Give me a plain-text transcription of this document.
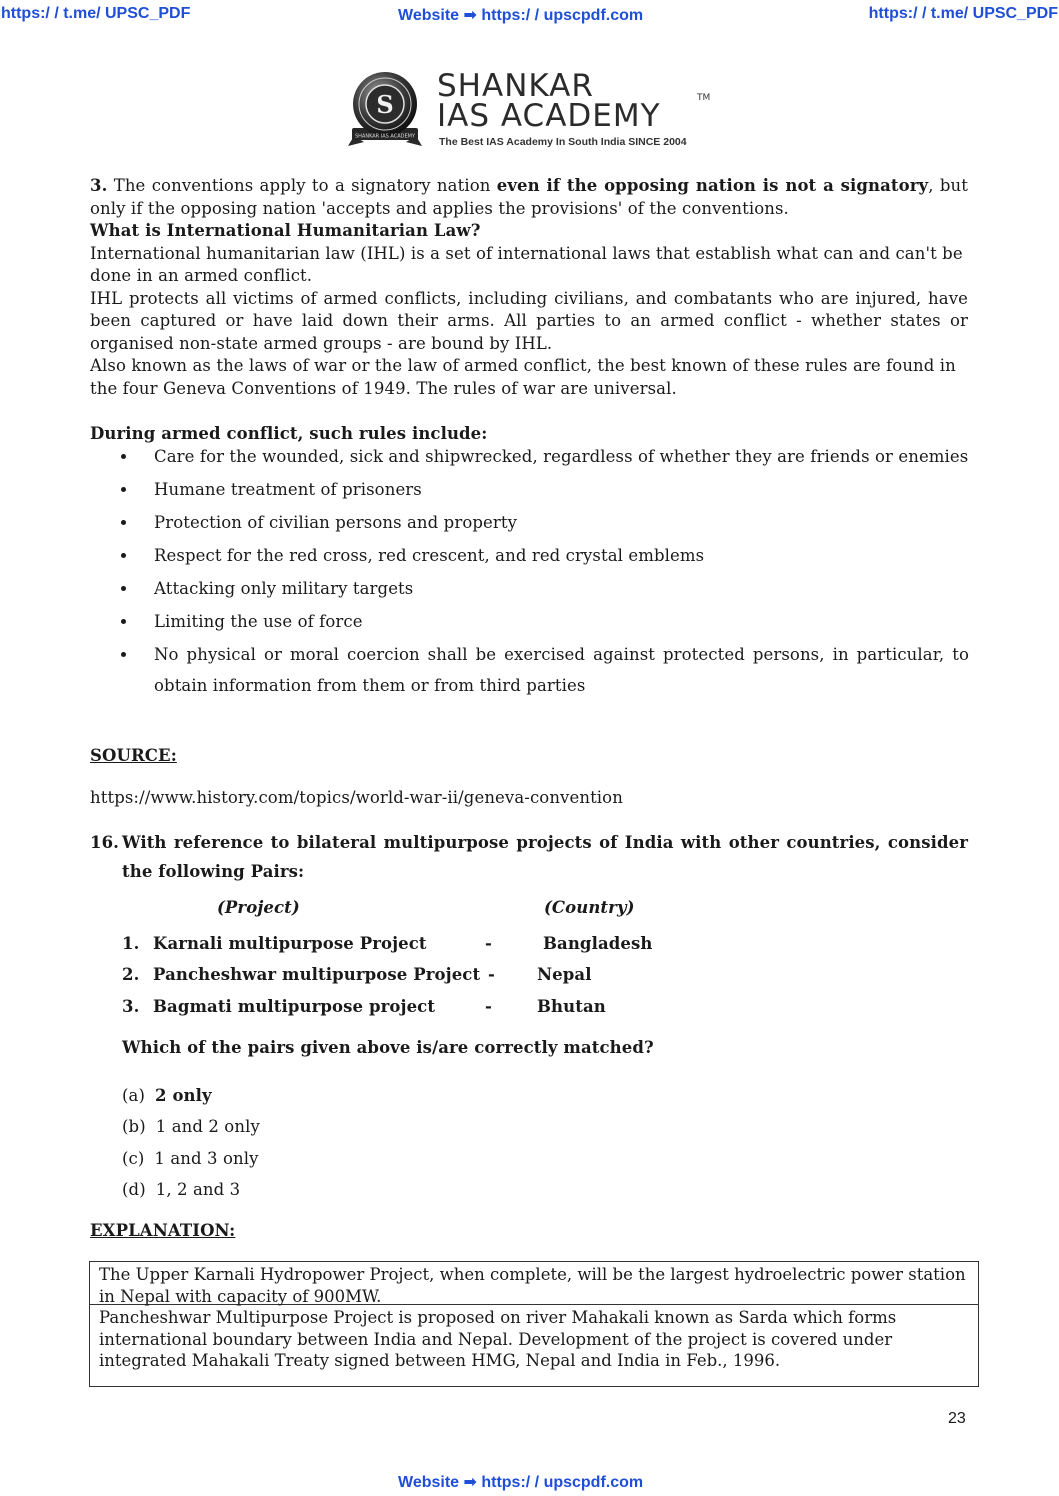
https:/ / t.me/ UPSC_PDF	Website ➡ https:/ / upscpdf.com	https:/ / t.me/ UPSC_PDF
S
SHANKAR IAS ACADEMY
SHANKAR
IAS ACADEMY	TM
The Best IAS Academy In South India SINCE 2004
3. The conventions apply to a signatory nation even if the opposing nation is not a signatory, but only if the opposing nation 'accepts and applies the provisions' of the conventions.
What is International Humanitarian Law?
International humanitarian law (IHL) is a set of international laws that establish what can and can't be done in an armed conflict.
IHL protects all victims of armed conflicts, including civilians, and combatants who are injured, have been captured or have laid down their arms. All parties to an armed conflict - whether states or organised non-state armed groups - are bound by IHL.
Also known as the laws of war or the law of armed conflict, the best known of these rules are found in the four Geneva Conventions of 1949. The rules of war are universal.
During armed conflict, such rules include:
Care for the wounded, sick and shipwrecked, regardless of whether they are friends or enemies
Humane treatment of prisoners
Protection of civilian persons and property
Respect for the red cross, red crescent, and red crystal emblems
Attacking only military targets
Limiting the use of force
No physical or moral coercion shall be exercised against protected persons, in particular, to obtain information from them or from third parties
SOURCE:
https://www.history.com/topics/world-war-ii/geneva-convention
16. With reference to bilateral multipurpose projects of India with other countries, consider the following Pairs:
(Project)	(Country)
1. Karnali multipurpose Project	-	Bangladesh
2. Pancheshwar multipurpose Project -	Nepal
3. Bagmati multipurpose project	-	Bhutan
Which of the pairs given above is/are correctly matched?
(a) 2 only
(b) 1 and 2 only
(c) 1 and 3 only
(d) 1, 2 and 3
EXPLANATION:
The Upper Karnali Hydropower Project, when complete, will be the largest hydroelectric power station in Nepal with capacity of 900MW.
Pancheshwar Multipurpose Project is proposed on river Mahakali known as Sarda which forms international boundary between India and Nepal. Development of the project is covered under integrated Mahakali Treaty signed between HMG, Nepal and India in Feb., 1996.
23
Website ➡ https:/ / upscpdf.com
